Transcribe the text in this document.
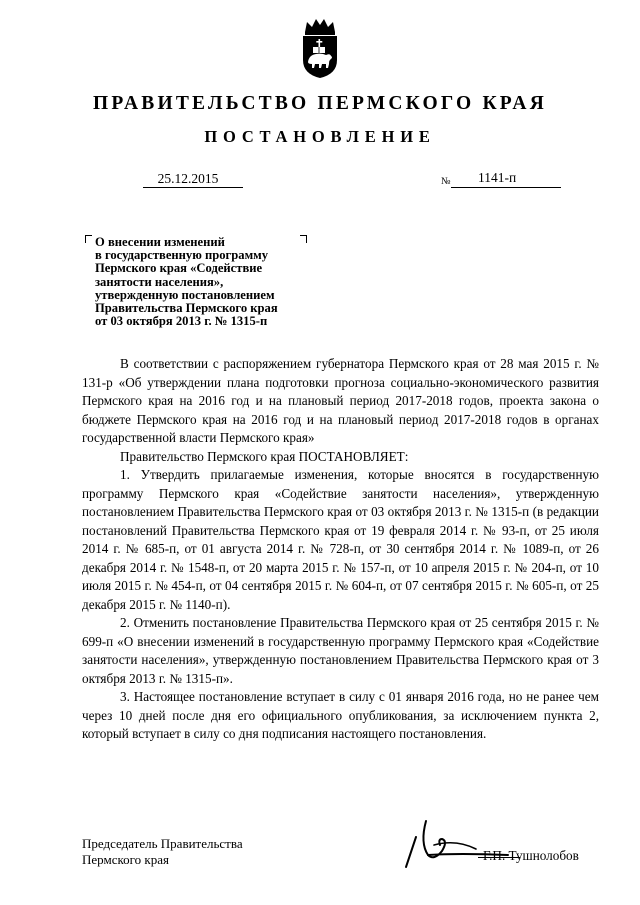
ПРАВИТЕЛЬСТВО ПЕРМСКОГО КРАЯ
ПОСТАНОВЛЕНИЕ
25.12.2015	№ 1141-п
О внесении изменений
в государственную программу
Пермского края «Содействие
занятости населения»,
утвержденную постановлением
Правительства Пермского края
от 03 октября 2013 г. № 1315-п

В соответствии с распоряжением губернатора Пермского края от 28 мая 2015 г. № 131-р «Об утверждении плана подготовки прогноза социально-экономического развития Пермского края на 2016 год и на плановый период 2017-2018 годов, проекта закона о бюджете Пермского края на 2016 год и на плановый период 2017-2018 годов в органах государственной власти Пермского края»

Правительство Пермского края ПОСТАНОВЛЯЕТ:

1. Утвердить прилагаемые изменения, которые вносятся в государственную программу Пермского края «Содействие занятости населения», утвержденную постановлением Правительства Пермского края от 03 октября 2013 г. № 1315-п (в редакции постановлений Правительства Пермского края от 19 февраля 2014 г. № 93-п, от 25 июля 2014 г. № 685-п, от 01 августа 2014 г. № 728-п, от 30 сентября 2014 г. № 1089-п, от 26 декабря 2014 г. № 1548-п, от 20 марта 2015 г. № 157-п, от 10 апреля 2015 г. № 204-п, от 10 июля 2015 г. № 454-п, от 04 сентября 2015 г. № 604-п, от 07 сентября 2015 г. № 605-п, от 25 декабря 2015 г. № 1140-п).

2. Отменить постановление Правительства Пермского края от 25 сентября 2015 г. № 699-п «О внесении изменений в государственную программу Пермского края «Содействие занятости населения», утвержденную постановлением Правительства Пермского края от 3 октября 2013 г. № 1315-п».

3. Настоящее постановление вступает в силу с 01 января 2016 года, но не ранее чем через 10 дней после дня его официального опубликования, за исключением пункта 2, который вступает в силу со дня подписания настоящего постановления.

Председатель Правительства
Пермского края	Г.П. Тушнолобов
